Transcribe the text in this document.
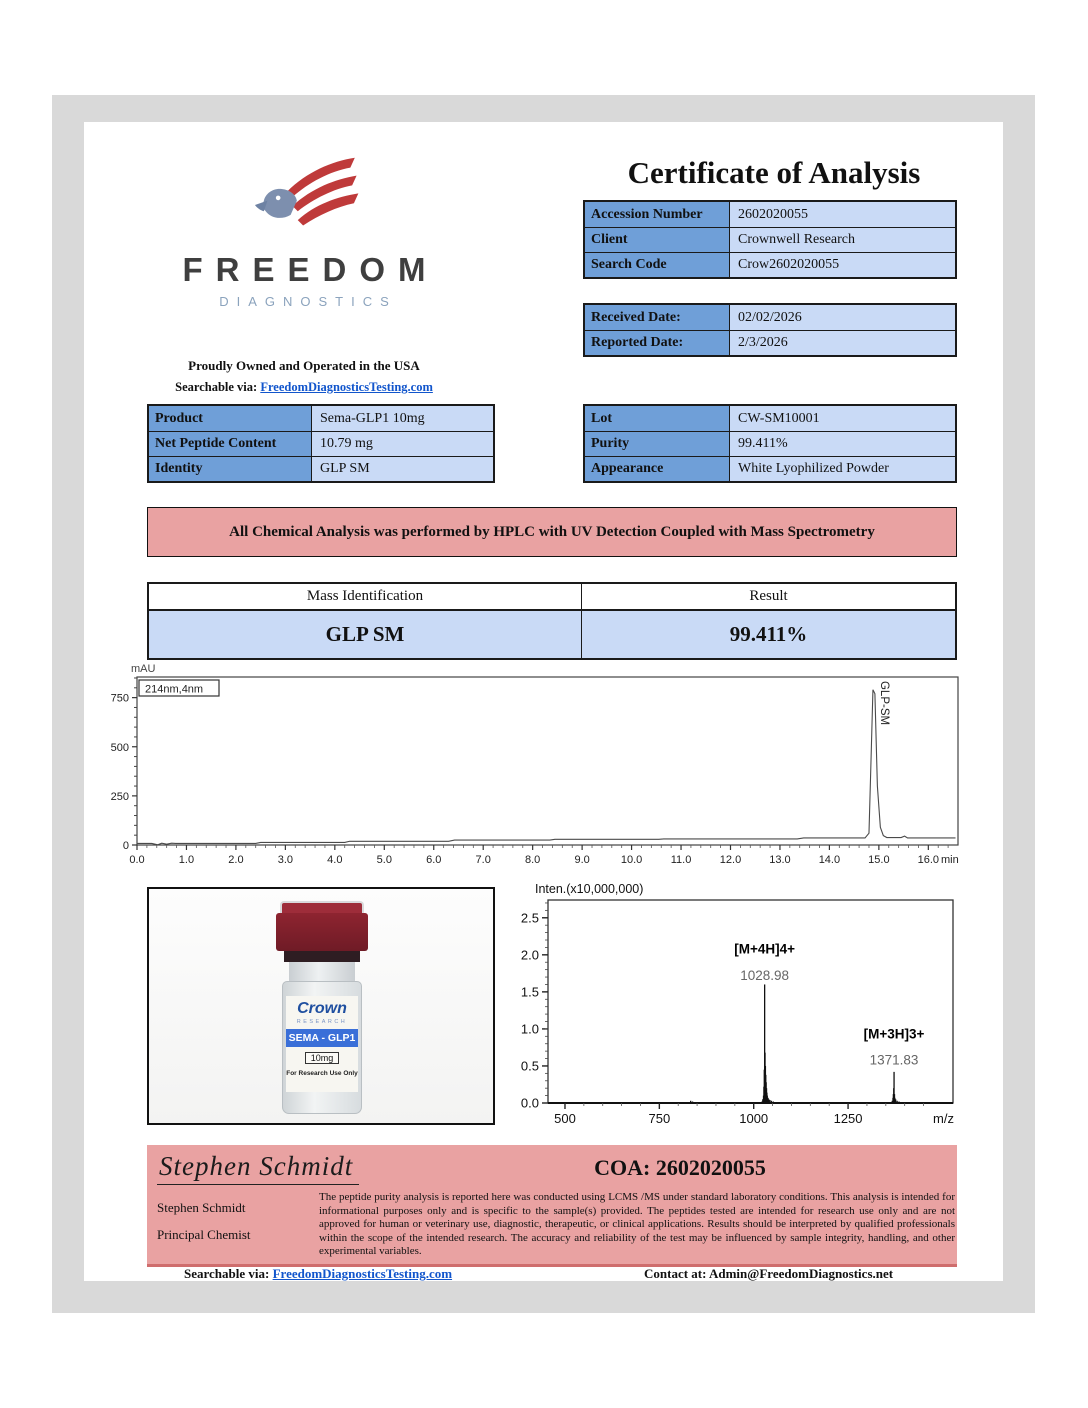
FREEDOM
DIAGNOSTICS
Proudly Owned and Operated in the USA
Searchable via: FreedomDiagnosticsTesting.com
Certificate of Analysis
Accession Number	2602020055
Client	Crownwell Research
Search Code	Crow2602020055
Received Date:	02/02/2026
Reported Date:	2/3/2026
Product	Sema-GLP1 10mg
Net Peptide Content	10.79 mg
Identity	GLP SM
Lot	CW-SM10001
Purity	99.411%
Appearance	White Lyophilized Powder
All Chemical Analysis was performed by HPLC with UV Detection Coupled with Mass Spectrometry
Mass Identification	Result
GLP SM	99.411%
0
250
500
750
0.0	1.0	2.0	3.0	4.0	5.0	6.0	7.0	8.0	9.0	10.0	11.0	12.0	13.0	14.0	15.0	16.0 min
mAU
214nm,4nm	GLP-SM
Crown
RESEARCH
SEMA - GLP1
10mg
For Research Use Only
0.0
0.5
1.0
1.5
2.0
2.5
500	750	1000	1250	m/z
Inten.(x10,000,000)
[M+4H]4+
1028.98
[M+3H]3+
1371.83
Stephen Schmidt	COA: 2602020055
Stephen Schmidt
Principal Chemist
The peptide purity analysis is reported here was conducted using LCMS /MS under standard laboratory conditions. This analysis is intended for informational purposes only and is specific to the sample(s) provided. The peptides tested are intended for research use only and are not approved for human or veterinary use, diagnostic, therapeutic, or clinical applications. Results should be interpreted by qualified professionals within the scope of the intended research. The accuracy and reliability of the test may be influenced by sample integrity, handling, and other experimental variables.
Searchable via: FreedomDiagnosticsTesting.com	Contact at: Admin@FreedomDiagnostics.net
